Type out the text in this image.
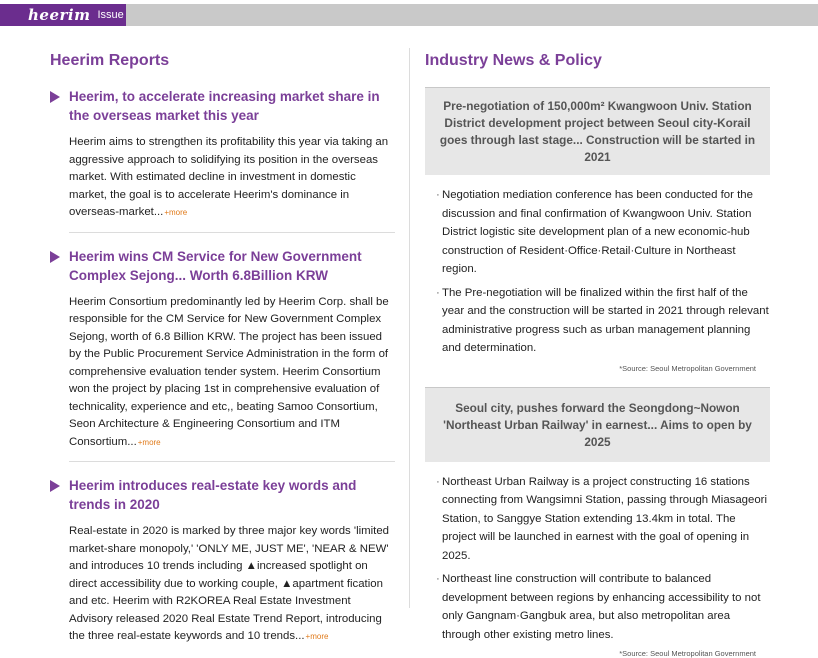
heerim Issue
Heerim Reports
Heerim, to accelerate increasing market share in the overseas market this year
Heerim aims to strengthen its profitability this year via taking an aggressive approach to solidifying its position in the overseas market. With estimated decline in investment in domestic market, the goal is to accelerate Heerim's dominance in overseas-market...+more
Heerim wins CM Service for New Government Complex Sejong... Worth 6.8Billion KRW
Heerim Consortium predominantly led by Heerim Corp. shall be responsible for the CM Service for New Government Complex Sejong, worth of 6.8 Billion KRW. The project has been issued by the Public Procurement Service Administration in the form of comprehensive evaluation tender system. Heerim Consortium won the project by placing 1st in comprehensive evaluation of technicality, experience and etc,, beating Samoo Consortium, Seon Architecture & Engineering Consortium and ITM Consortium...+more
Heerim introduces real-estate key words and trends in 2020
Real-estate in 2020 is marked by three major key words 'limited market-share monopoly,' 'ONLY ME, JUST ME', 'NEAR & NEW' and introduces 10 trends including ▲increased spotlight on direct accessibility due to working couple, ▲apartment fication and etc. Heerim with R2KOREA Real Estate Investment Advisory released 2020 Real Estate Trend Report, introducing the three real-estate keywords and 10 trends...+more
Industry News & Policy
Pre-negotiation of 150,000m² Kwangwoon Univ. Station District development project between Seoul city-Korail goes through last stage... Construction will be started in 2021
· Negotiation mediation conference has been conducted for the discussion and final confirmation of Kwangwoon Univ. Station District logistic site development plan of a new economic-hub construction of Resident·Office·Retail·Culture in Northeast region.
· The Pre-negotiation will be finalized within the first half of the year and the construction will be started in 2021 through relevant administrative progress such as urban management planning and determination.
*Source: Seoul Metropolitan Government
Seoul city, pushes forward the Seongdong~Nowon 'Northeast Urban Railway' in earnest... Aims to open by 2025
· Northeast Urban Railway is a project constructing 16 stations connecting from Wangsimni Station, passing through Miasageori Station, to Sanggye Station extending 13.4km in total. The project will be launched in earnest with the goal of opening in 2025.
· Northeast line construction will contribute to balanced development between regions by enhancing accessibility to not only Gangnam·Gangbuk area, but also metropolitan area through other existing metro lines.
*Source: Seoul Metropolitan Government
